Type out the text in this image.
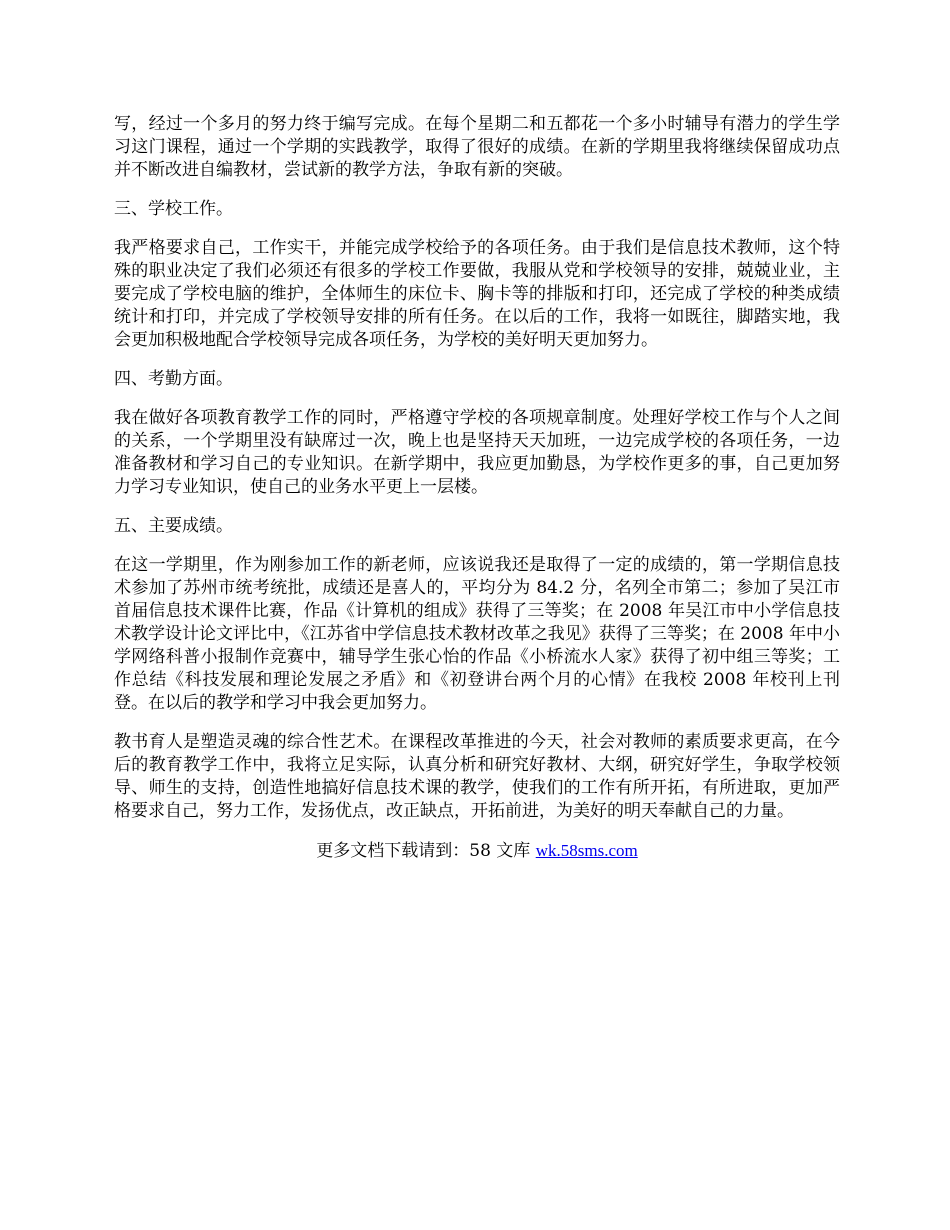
写，经过一个多月的努力终于编写完成。在每个星期二和五都花一个多小时辅导有潜力的学生学习这门课程，通过一个学期的实践教学，取得了很好的成绩。在新的学期里我将继续保留成功点并不断改进自编教材，尝试新的教学方法，争取有新的突破。

三、学校工作。

我严格要求自己，工作实干，并能完成学校给予的各项任务。由于我们是信息技术教师，这个特殊的职业决定了我们必须还有很多的学校工作要做，我服从党和学校领导的安排，兢兢业业，主要完成了学校电脑的维护，全体师生的床位卡、胸卡等的排版和打印，还完成了学校的种类成绩统计和打印，并完成了学校领导安排的所有任务。在以后的工作，我将一如既往，脚踏实地，我会更加积极地配合学校领导完成各项任务，为学校的美好明天更加努力。

四、考勤方面。

我在做好各项教育教学工作的同时，严格遵守学校的各项规章制度。处理好学校工作与个人之间的关系，一个学期里没有缺席过一次，晚上也是坚持天天加班，一边完成学校的各项任务，一边准备教材和学习自己的专业知识。在新学期中，我应更加勤恳，为学校作更多的事，自己更加努力学习专业知识，使自己的业务水平更上一层楼。

五、主要成绩。

在这一学期里，作为刚参加工作的新老师，应该说我还是取得了一定的成绩的，第一学期信息技术参加了苏州市统考统批，成绩还是喜人的，平均分为 84.2 分，名列全市第二；参加了吴江市首届信息技术课件比赛，作品《计算机的组成》获得了三等奖；在 2008 年吴江市中小学信息技术教学设计论文评比中，《江苏省中学信息技术教材改革之我见》获得了三等奖；在 2008 年中小学网络科普小报制作竞赛中，辅导学生张心怡的作品《小桥流水人家》获得了初中组三等奖；工作总结《科技发展和理论发展之矛盾》和《初登讲台两个月的心情》在我校 2008 年校刊上刊登。在以后的教学和学习中我会更加努力。

教书育人是塑造灵魂的综合性艺术。在课程改革推进的今天，社会对教师的素质要求更高，在今后的教育教学工作中，我将立足实际，认真分析和研究好教材、大纲，研究好学生，争取学校领导、师生的支持，创造性地搞好信息技术课的教学，使我们的工作有所开拓，有所进取，更加严格要求自己，努力工作，发扬优点，改正缺点，开拓前进，为美好的明天奉献自己的力量。

更多文档下载请到：58 文库 wk.58sms.com
